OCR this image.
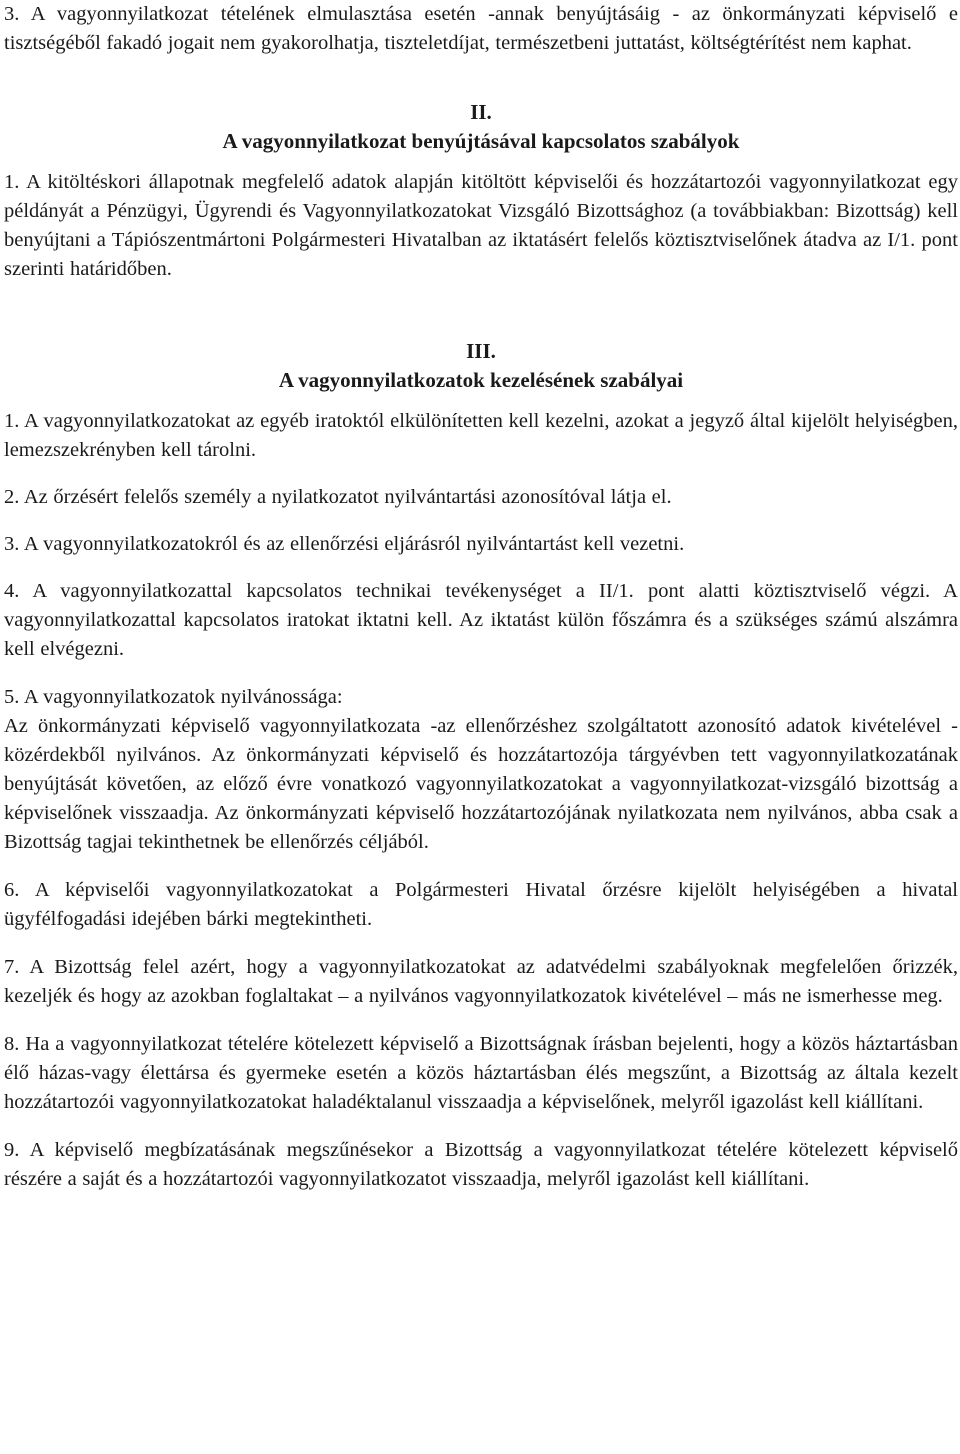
3. A vagyonnyilatkozat tételének elmulasztása esetén -annak benyújtásáig - az önkormányzati képviselő e tisztségéből fakadó jogait nem gyakorolhatja, tiszteletdíjat, természetbeni juttatást, költségtérítést nem kaphat.

II.

A vagyonnyilatkozat benyújtásával kapcsolatos szabályok

1. A kitöltéskori állapotnak megfelelő adatok alapján kitöltött képviselői és hozzátartozói vagyonnyilatkozat egy példányát a Pénzügyi, Ügyrendi és Vagyonnyilatkozatokat Vizsgáló Bizottsághoz (a továbbiakban: Bizottság) kell benyújtani a Tápiószentmártoni Polgármesteri Hivatalban az iktatásért felelős köztisztviselőnek átadva az I/1. pont szerinti határidőben.

III.

A vagyonnyilatkozatok kezelésének szabályai

1. A vagyonnyilatkozatokat az egyéb iratoktól elkülönítetten kell kezelni, azokat a jegyző által kijelölt helyiségben, lemezszekrényben kell tárolni.

2. Az őrzésért felelős személy a nyilatkozatot nyilvántartási azonosítóval látja el.

3. A vagyonnyilatkozatokról és az ellenőrzési eljárásról nyilvántartást kell vezetni.

4. A vagyonnyilatkozattal kapcsolatos technikai tevékenységet a II/1. pont alatti köztisztviselő végzi. A vagyonnyilatkozattal kapcsolatos iratokat iktatni kell. Az iktatást külön főszámra és a szükséges számú alszámra kell elvégezni.

5. A vagyonnyilatkozatok nyilvánossága:

Az önkormányzati képviselő vagyonnyilatkozata -az ellenőrzéshez szolgáltatott azonosító adatok kivételével -közérdekből nyilvános. Az önkormányzati képviselő és hozzátartozója tárgyévben tett vagyonnyilatkozatának benyújtását követően, az előző évre vonatkozó vagyonnyilatkozatokat a vagyonnyilatkozat-vizsgáló bizottság a képviselőnek visszaadja. Az önkormányzati képviselő hozzátartozójának nyilatkozata nem nyilvános, abba csak a Bizottság tagjai tekinthetnek be ellenőrzés céljából.

6. A képviselői vagyonnyilatkozatokat a Polgármesteri Hivatal őrzésre kijelölt helyiségében a hivatal ügyfélfogadási idejében bárki megtekintheti.

7. A Bizottság felel azért, hogy a vagyonnyilatkozatokat az adatvédelmi szabályoknak megfelelően őrizzék, kezeljék és hogy az azokban foglaltakat – a nyilvános vagyonnyilatkozatok kivételével – más ne ismerhesse meg.

8. Ha a vagyonnyilatkozat tételére kötelezett képviselő a Bizottságnak írásban bejelenti, hogy a közös háztartásban élő házas-vagy élettársa és gyermeke esetén a közös háztartásban élés megszűnt, a Bizottság az általa kezelt hozzátartozói vagyonnyilatkozatokat haladéktalanul visszaadja a képviselőnek, melyről igazolást kell kiállítani.

9. A képviselő megbízatásának megszűnésekor a Bizottság a vagyonnyilatkozat tételére kötelezett képviselő részére a saját és a hozzátartozói vagyonnyilatkozatot visszaadja, melyről igazolást kell kiállítani.
